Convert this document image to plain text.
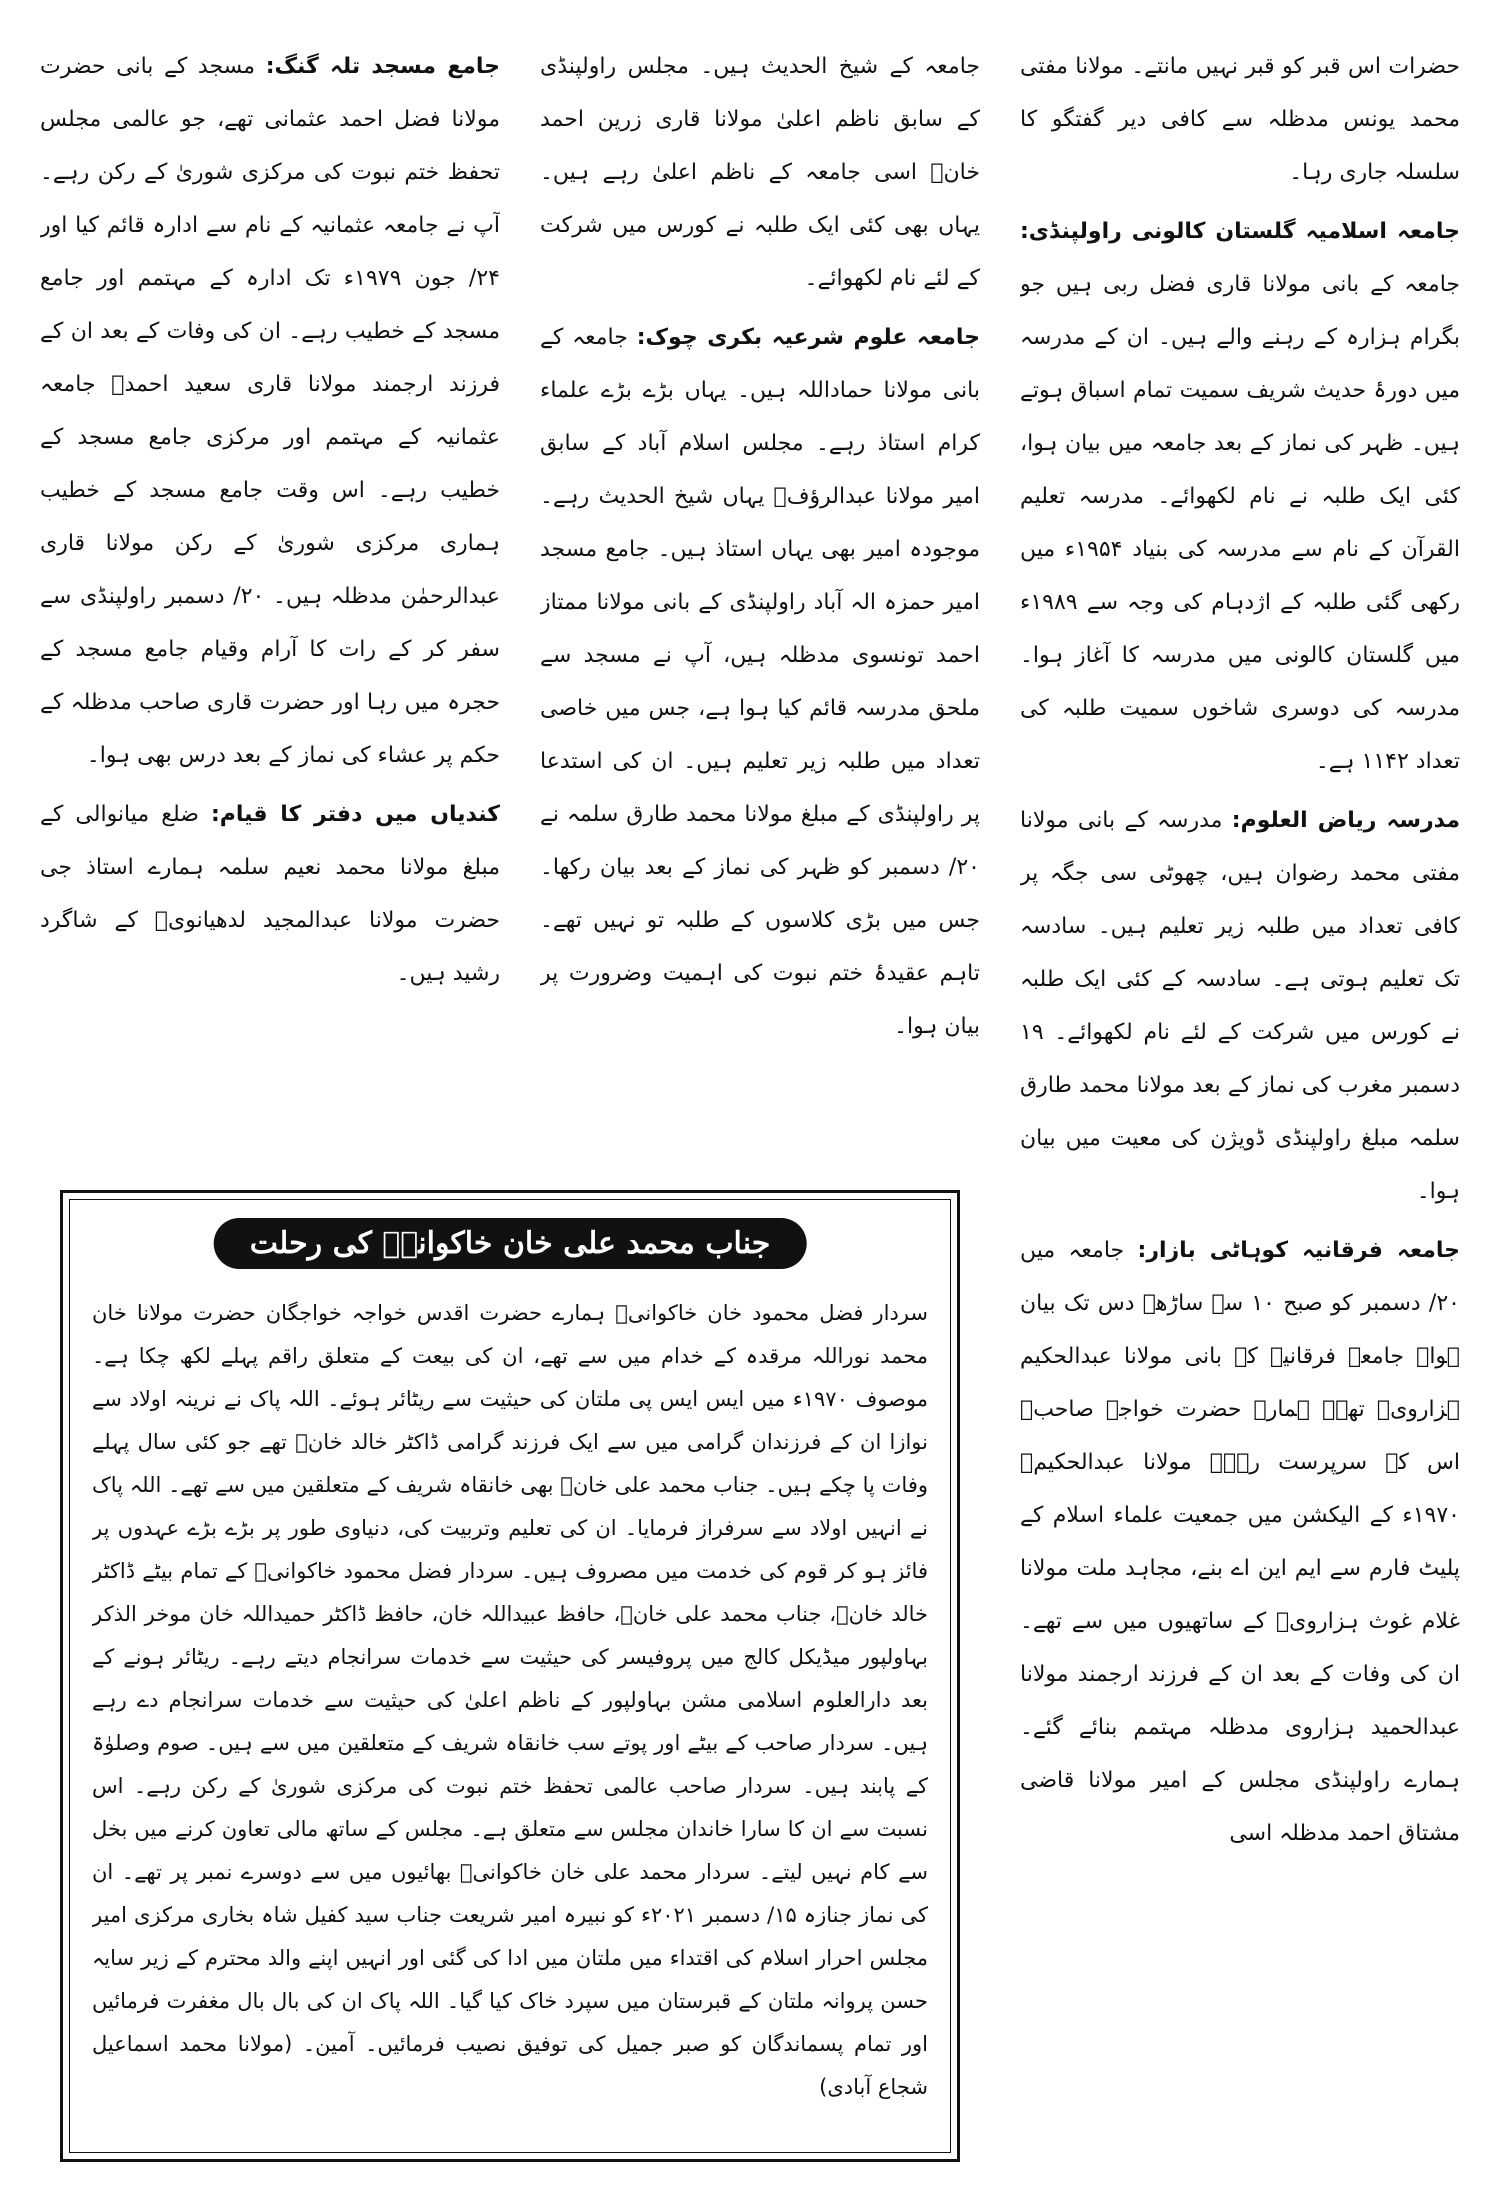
حضرات اس قبر کو قبر نہیں مانتے۔ مولانا مفتی محمد یونس مدظلہ سے کافی دیر گفتگو کا سلسلہ جاری رہا۔

جامعہ اسلامیہ گلستان کالونی راولپنڈی: جامعہ کے بانی مولانا قاری فضل ربی ہیں جو بگرام ہزارہ کے رہنے والے ہیں۔ ان کے مدرسہ میں دورۂ حدیث شریف سمیت تمام اسباق ہوتے ہیں۔ ظہر کی نماز کے بعد جامعہ میں بیان ہوا، کئی ایک طلبہ نے نام لکھوائے۔ مدرسہ تعلیم القرآن کے نام سے مدرسہ کی بنیاد ۱۹۵۴ء میں رکھی گئی طلبہ کے اژدہام کی وجہ سے ۱۹۸۹ء میں گلستان کالونی میں مدرسہ کا آغاز ہوا۔ مدرسہ کی دوسری شاخوں سمیت طلبہ کی تعداد ۱۱۴۲ ہے۔

مدرسہ ریاض العلوم: مدرسہ کے بانی مولانا مفتی محمد رضوان ہیں، چھوٹی سی جگہ پر کافی تعداد میں طلبہ زیر تعلیم ہیں۔ سادسہ تک تعلیم ہوتی ہے۔ سادسہ کے کئی ایک طلبہ نے کورس میں شرکت کے لئے نام لکھوائے۔ ۱۹ دسمبر مغرب کی نماز کے بعد مولانا محمد طارق سلمہ مبلغ راولپنڈی ڈویژن کی معیت میں بیان ہوا۔

جامعہ فرقانیہ کوہاٹی بازار: جامعہ میں ۲۰/ دسمبر کو صبح ۱۰ سے ساڑھے دس تک بیان ہوا۔ جامعہ فرقانیہ کے بانی مولانا عبدالحکیم ہزارویؒ تھے۔ ہمارے حضرت خواجہ صاحبؒ اس کے سرپرست رہے۔ مولانا عبدالحکیمؒ ۱۹۷۰ء کے الیکشن میں جمعیت علماء اسلام کے پلیٹ فارم سے ایم این اے بنے، مجاہد ملت مولانا غلام غوث ہزارویؒ کے ساتھیوں میں سے تھے۔ ان کی وفات کے بعد ان کے فرزند ارجمند مولانا عبدالحمید ہزاروی مدظلہ مہتمم بنائے گئے۔ ہمارے راولپنڈی مجلس کے امیر مولانا قاضی مشتاق احمد مدظلہ اسی

جامعہ کے شیخ الحدیث ہیں۔ مجلس راولپنڈی کے سابق ناظم اعلیٰ مولانا قاری زرین احمد خانؒ اسی جامعہ کے ناظم اعلیٰ رہے ہیں۔ یہاں بھی کئی ایک طلبہ نے کورس میں شرکت کے لئے نام لکھوائے۔

جامعہ علوم شرعیہ بکری چوک: جامعہ کے بانی مولانا حماداللہ ہیں۔ یہاں بڑے بڑے علماء کرام استاذ رہے۔ مجلس اسلام آباد کے سابق امیر مولانا عبدالرؤفؒ یہاں شیخ الحدیث رہے۔ موجودہ امیر بھی یہاں استاذ ہیں۔ جامع مسجد امیر حمزہ الہ آباد راولپنڈی کے بانی مولانا ممتاز احمد تونسوی مدظلہ ہیں، آپ نے مسجد سے ملحق مدرسہ قائم کیا ہوا ہے، جس میں خاصی تعداد میں طلبہ زیر تعلیم ہیں۔ ان کی استدعا پر راولپنڈی کے مبلغ مولانا محمد طارق سلمہ نے ۲۰/ دسمبر کو ظہر کی نماز کے بعد بیان رکھا۔ جس میں بڑی کلاسوں کے طلبہ تو نہیں تھے۔ تاہم عقیدۂ ختم نبوت کی اہمیت وضرورت پر بیان ہوا۔

جامع مسجد تلہ گنگ: مسجد کے بانی حضرت مولانا فضل احمد عثمانی تھے، جو عالمی مجلس تحفظ ختم نبوت کی مرکزی شوریٰ کے رکن رہے۔ آپ نے جامعہ عثمانیہ کے نام سے ادارہ قائم کیا اور ۲۴/ جون ۱۹۷۹ء تک ادارہ کے مہتمم اور جامع مسجد کے خطیب رہے۔ ان کی وفات کے بعد ان کے فرزند ارجمند مولانا قاری سعید احمدؒ جامعہ عثمانیہ کے مہتمم اور مرکزی جامع مسجد کے خطیب رہے۔ اس وقت جامع مسجد کے خطیب ہماری مرکزی شوریٰ کے رکن مولانا قاری عبدالرحمٰن مدظلہ ہیں۔ ۲۰/ دسمبر راولپنڈی سے سفر کر کے رات کا آرام وقیام جامع مسجد کے حجرہ میں رہا اور حضرت قاری صاحب مدظلہ کے حکم پر عشاء کی نماز کے بعد درس بھی ہوا۔

کندیاں میں دفتر کا قیام: ضلع میانوالی کے مبلغ مولانا محمد نعیم سلمہ ہمارے استاذ جی حضرت مولانا عبدالمجید لدھیانویؒ کے شاگرد رشید ہیں۔

جناب محمد علی خان خاکوانیؒ کی رحلت
سردار فضل محمود خان خاکوانیؒ ہمارے حضرت اقدس خواجہ خواجگان حضرت مولانا خان محمد نوراللہ مرقدہ کے خدام میں سے تھے، ان کی بیعت کے متعلق راقم پہلے لکھ چکا ہے۔ موصوف ۱۹۷۰ء میں ایس ایس پی ملتان کی حیثیت سے ریٹائر ہوئے۔ اللہ پاک نے نرینہ اولاد سے نوازا ان کے فرزندان گرامی میں سے ایک فرزند گرامی ڈاکٹر خالد خانؒ تھے جو کئی سال پہلے وفات پا چکے ہیں۔ جناب محمد علی خانؒ بھی خانقاہ شریف کے متعلقین میں سے تھے۔ اللہ پاک نے انہیں اولاد سے سرفراز فرمایا۔ ان کی تعلیم وتربیت کی، دنیاوی طور پر بڑے بڑے عہدوں پر فائز ہو کر قوم کی خدمت میں مصروف ہیں۔ سردار فضل محمود خاکوانیؒ کے تمام بیٹے ڈاکٹر خالد خانؒ، جناب محمد علی خانؒ، حافظ عبیداللہ خان، حافظ ڈاکٹر حمیداللہ خان موخر الذکر بہاولپور میڈیکل کالج میں پروفیسر کی حیثیت سے خدمات سرانجام دیتے رہے۔ ریٹائر ہونے کے بعد دارالعلوم اسلامی مشن بہاولپور کے ناظم اعلیٰ کی حیثیت سے خدمات سرانجام دے رہے ہیں۔ سردار صاحب کے بیٹے اور پوتے سب خانقاہ شریف کے متعلقین میں سے ہیں۔ صوم وصلوٰۃ کے پابند ہیں۔ سردار صاحب عالمی تحفظ ختم نبوت کی مرکزی شوریٰ کے رکن رہے۔ اس نسبت سے ان کا سارا خاندان مجلس سے متعلق ہے۔ مجلس کے ساتھ مالی تعاون کرنے میں بخل سے کام نہیں لیتے۔ سردار محمد علی خان خاکوانیؒ بھائیوں میں سے دوسرے نمبر پر تھے۔ ان کی نماز جنازہ ۱۵/ دسمبر ۲۰۲۱ء کو نبیرہ امیر شریعت جناب سید کفیل شاہ بخاری مرکزی امیر مجلس احرار اسلام کی اقتداء میں ملتان میں ادا کی گئی اور انہیں اپنے والد محترم کے زیر سایہ حسن پروانہ ملتان کے قبرستان میں سپرد خاک کیا گیا۔ اللہ پاک ان کی بال بال مغفرت فرمائیں اور تمام پسماندگان کو صبر جمیل کی توفیق نصیب فرمائیں۔ آمین۔ (مولانا محمد اسماعیل شجاع آبادی)
